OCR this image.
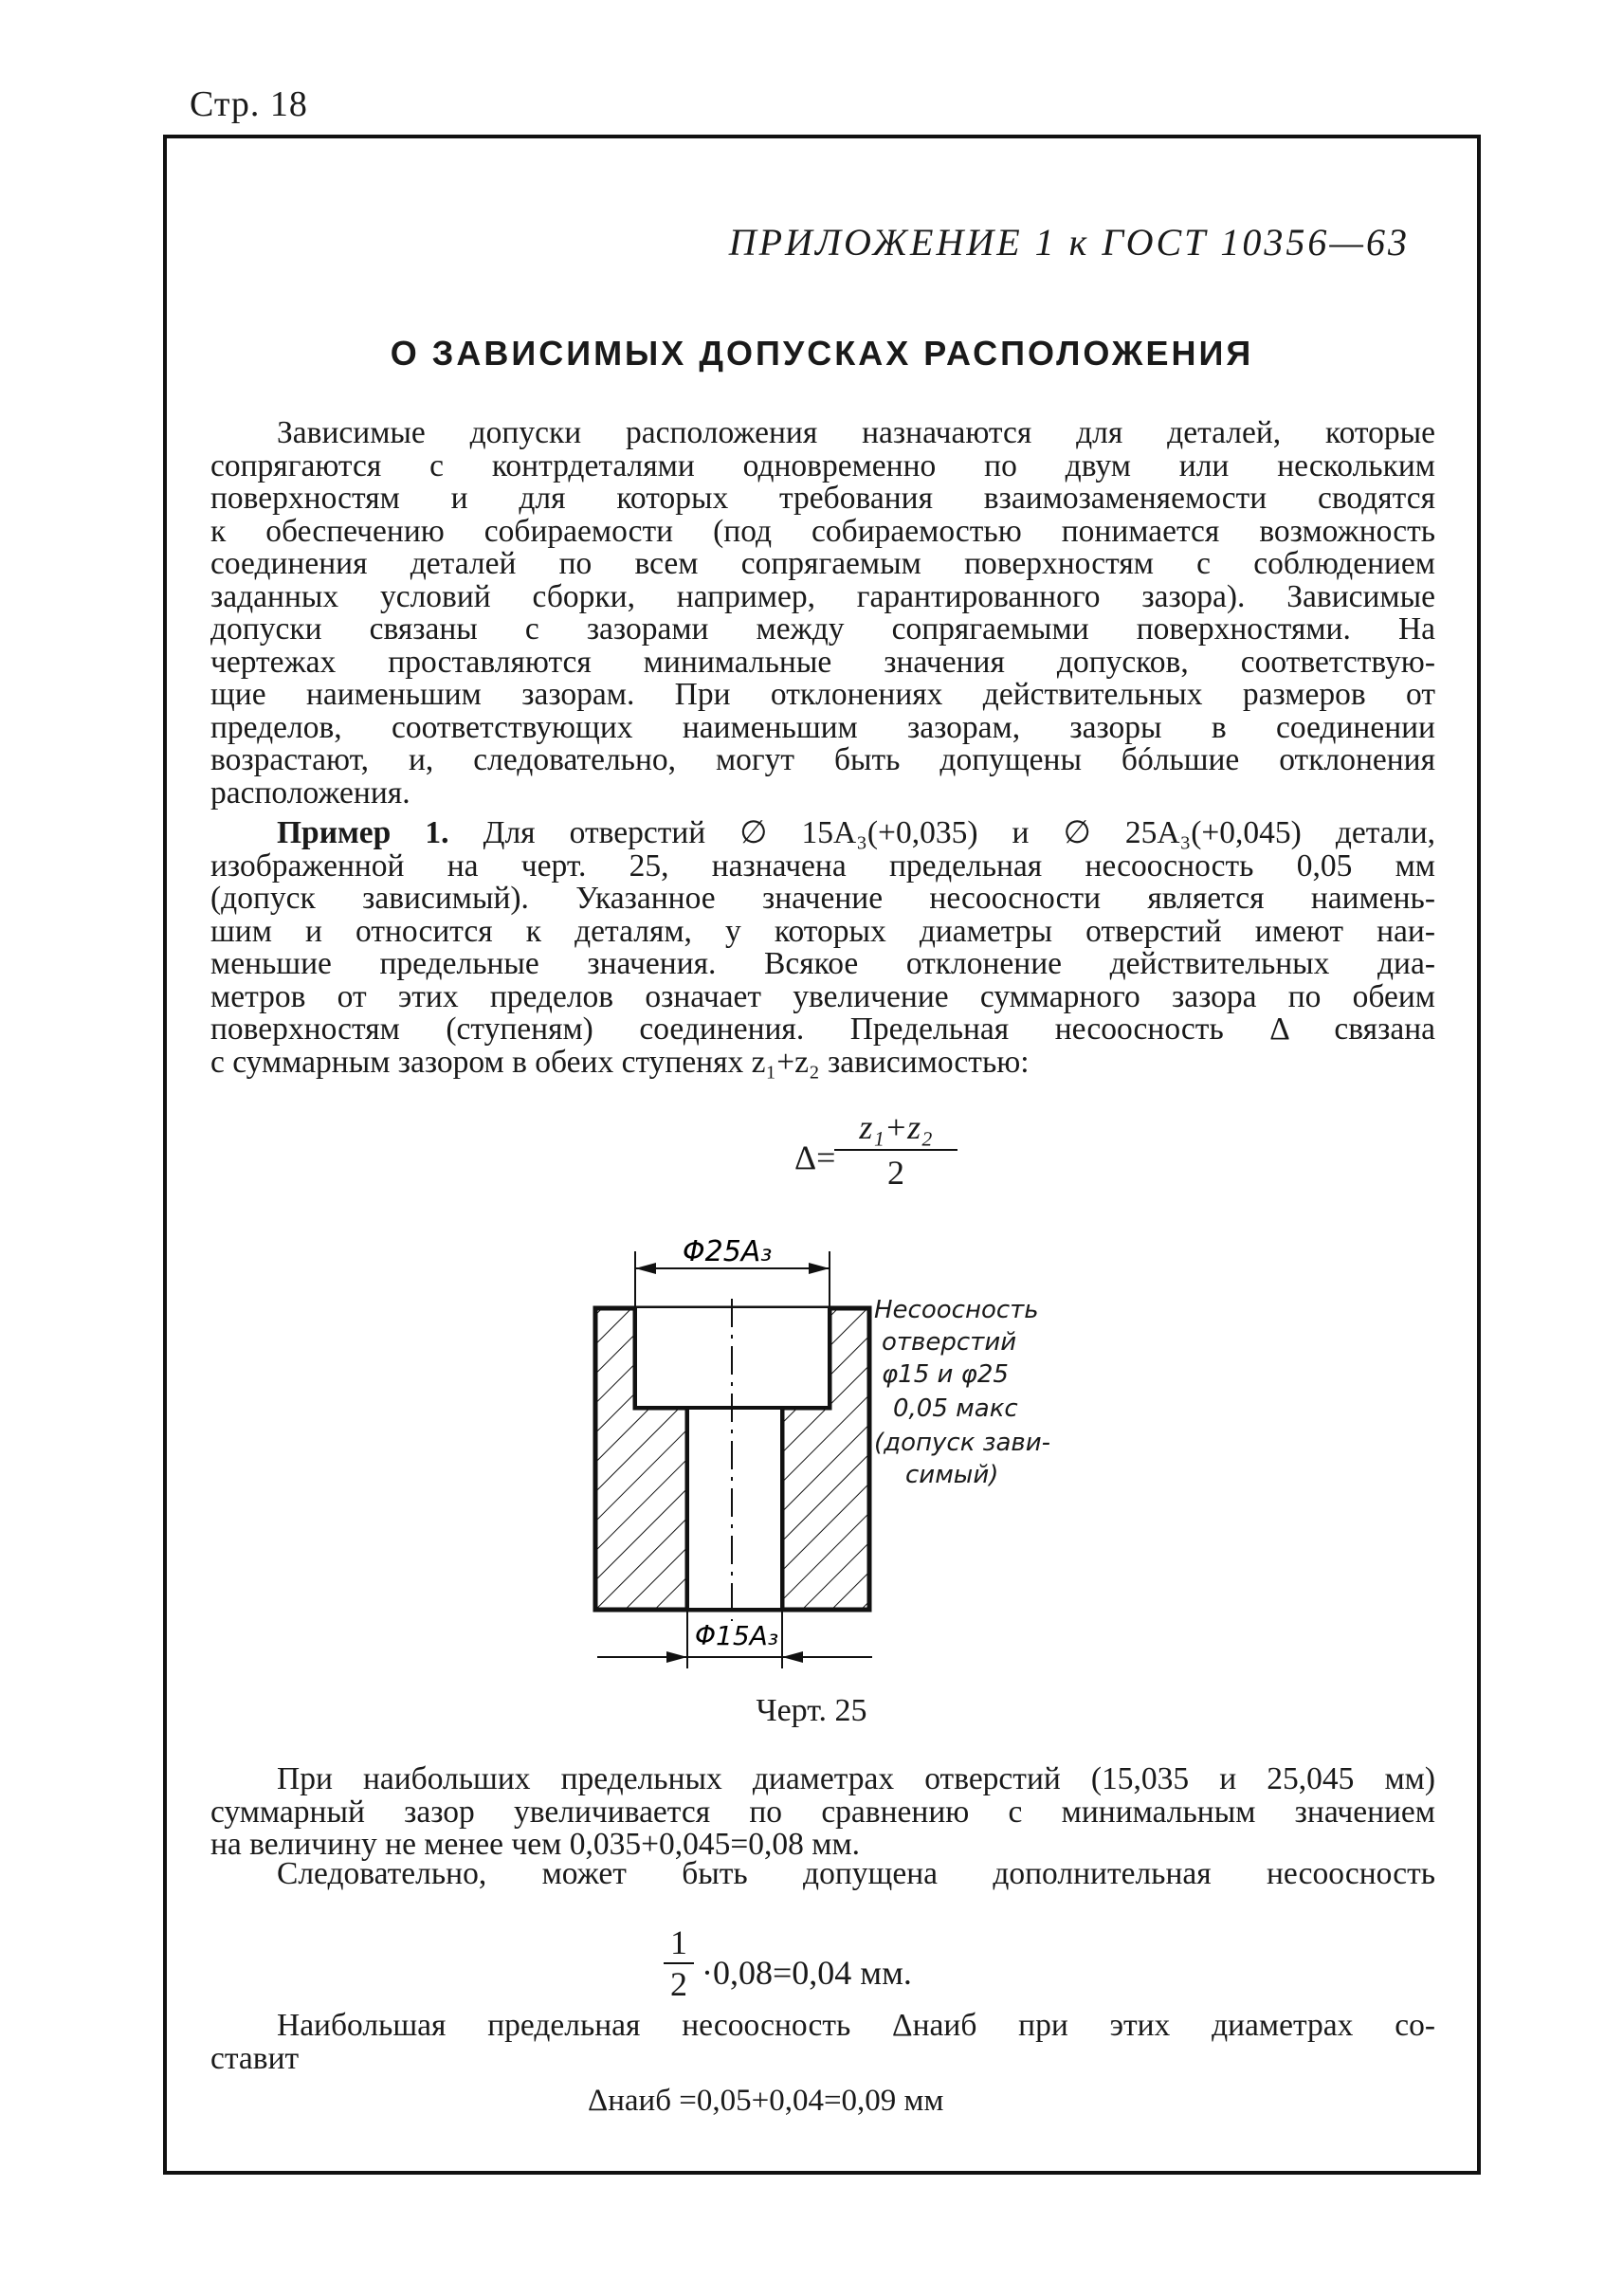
Стр. 18
ПРИЛОЖЕНИЕ 1 к ГОСТ 10356—63
О ЗАВИСИМЫХ ДОПУСКАХ РАСПОЛОЖЕНИЯ
Зависимые допуски расположения назначаются для деталей, которые
сопрягаются с контрдеталями одновременно по двум или нескольким
поверхностям и для которых требования взаимозаменяемости сводятся
к обеспечению собираемости (под собираемостью понимается возможность
соединения деталей по всем сопрягаемым поверхностям с соблюдением
заданных условий сборки, например, гарантированного зазора). Зависимые
допуски связаны с зазорами между сопрягаемыми поверхностями. На
чертежах проставляются минимальные значения допусков, соответствую-
щие наименьшим зазорам. При отклонениях действительных размеров от
пределов, соответствующих наименьшим зазорам, зазоры в соединении
возрастают, и, следовательно, могут быть допущены бóльшие отклонения
расположения.
Пример 1. Для отверстий ∅ 15A₃(+0,035) и ∅ 25A₃(+0,045) детали,
изображенной на черт. 25, назначена предельная несоосность 0,05 мм
(допуск зависимый). Указанное значение несоосности является наимень-
шим и относится к деталям, у которых диаметры отверстий имеют наи-
меньшие предельные значения. Всякое отклонение действительных диа-
метров от этих пределов означает увеличение суммарного зазора по обеим
поверхностям (ступеням) соединения. Предельная несоосность Δ связана
с суммарным зазором в обеих ступенях z₁+z₂ зависимостью:
Δ=
$\frac{\text{z₁+z₂}}{2}$
Φ25A₃
Φ15A₃
Несоосность
отверстий
φ15 и φ25
0,05 макс
(допуск зави-
симый)
Черт. 25
При наибольших предельных диаметрах отверстий (15,035 и 25,045 мм)
суммарный зазор увеличивается по сравнению с минимальным значением
на величину не менее чем 0,035+0,045=0,08 мм.
Следовательно, может быть допущена дополнительная несоосность
$\frac{1}{2} \cdot 0,08=0,04$ мм.
Наибольшая предельная несоосность Δнаиб при этих диаметрах со-
ставит
Δнаиб =0,05+0,04=0,09 мм
